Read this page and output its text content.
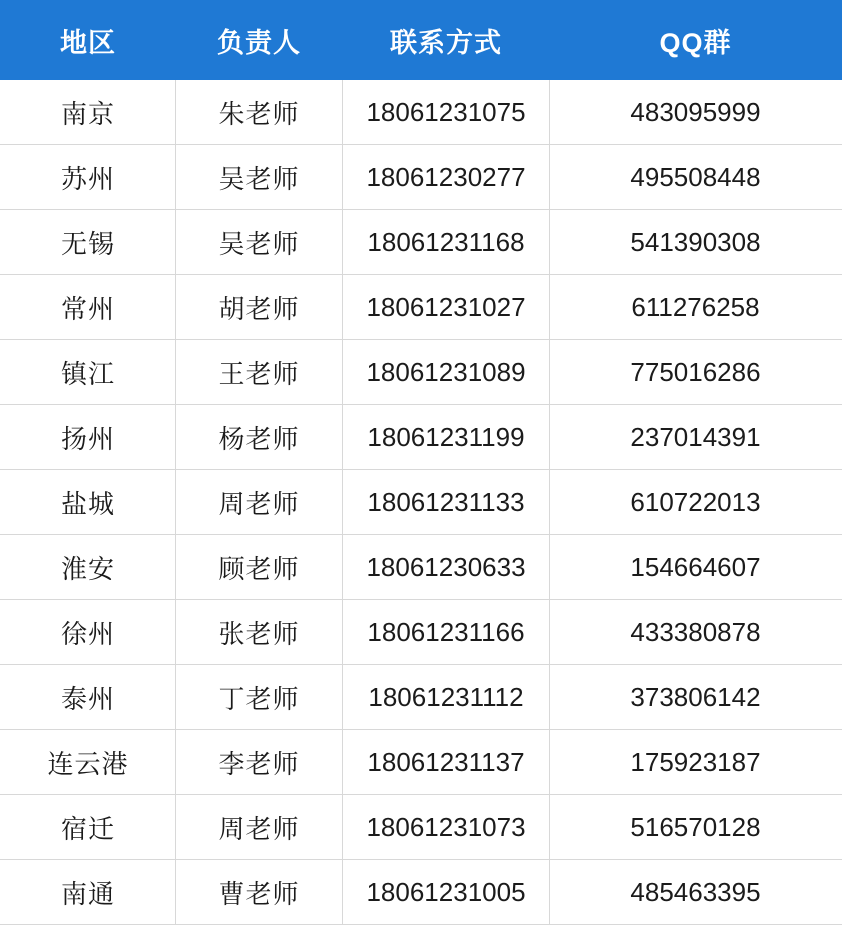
地区	负责人	联系方式	QQ群
南京	朱老师	18061231075	483095999
苏州	吴老师	18061230277	495508448
无锡	吴老师	18061231168	541390308
常州	胡老师	18061231027	611276258
镇江	王老师	18061231089	775016286
扬州	杨老师	18061231199	237014391
盐城	周老师	18061231133	610722013
淮安	顾老师	18061230633	154664607
徐州	张老师	18061231166	433380878
泰州	丁老师	18061231112	373806142
连云港	李老师	18061231137	175923187
宿迁	周老师	18061231073	516570128
南通	曹老师	18061231005	485463395
